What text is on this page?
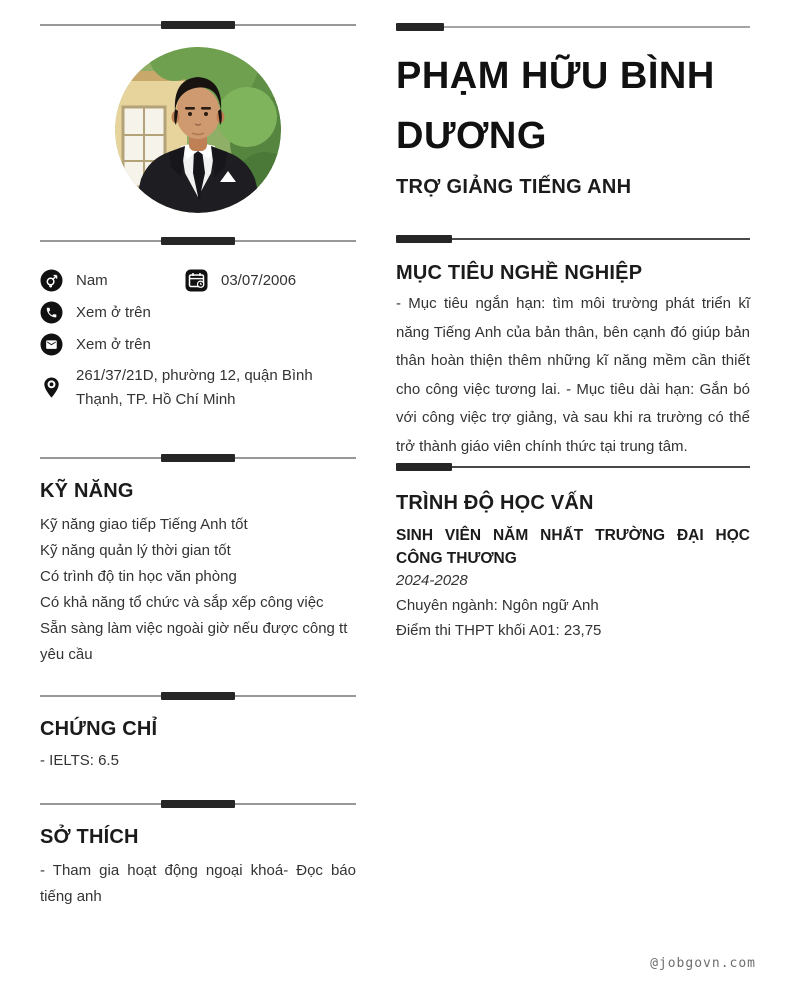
Nam	03/07/2006
Xem ở trên
Xem ở trên
261/37/21D, phường 12, quận Bình Thạnh, TP. Hồ Chí Minh
KỸ NĂNG
Kỹ năng giao tiếp Tiếng Anh tốt
Kỹ năng quản lý thời gian tốt
Có trình độ tin học văn phòng
Có khả năng tổ chức và sắp xếp công việc
Sẵn sàng làm việc ngoài giờ nếu được công tt yêu cầu
CHỨNG CHỈ
- IELTS: 6.5
SỞ THÍCH
- Tham gia hoạt động ngoại khoá- Đọc báo tiếng anh
PHẠM HỮU BÌNH DƯƠNG
TRỢ GIẢNG TIẾNG ANH
MỤC TIÊU NGHỀ NGHIỆP
- Mục tiêu ngắn hạn: tìm môi trường phát triển kĩ năng Tiếng Anh của bản thân, bên cạnh đó giúp bản thân hoàn thiện thêm những kĩ năng mềm cần thiết cho công việc tương lai. - Mục tiêu dài hạn: Gắn bó với công việc trợ giảng, và sau khi ra trường có thể trở thành giáo viên chính thức tại trung tâm.
TRÌNH ĐỘ HỌC VẤN
SINH VIÊN NĂM NHẤT TRƯỜNG ĐẠI HỌC CÔNG THƯƠNG
2024-2028
Chuyên ngành: Ngôn ngữ Anh
Điểm thi THPT khối A01: 23,75
@jobgovn.com
